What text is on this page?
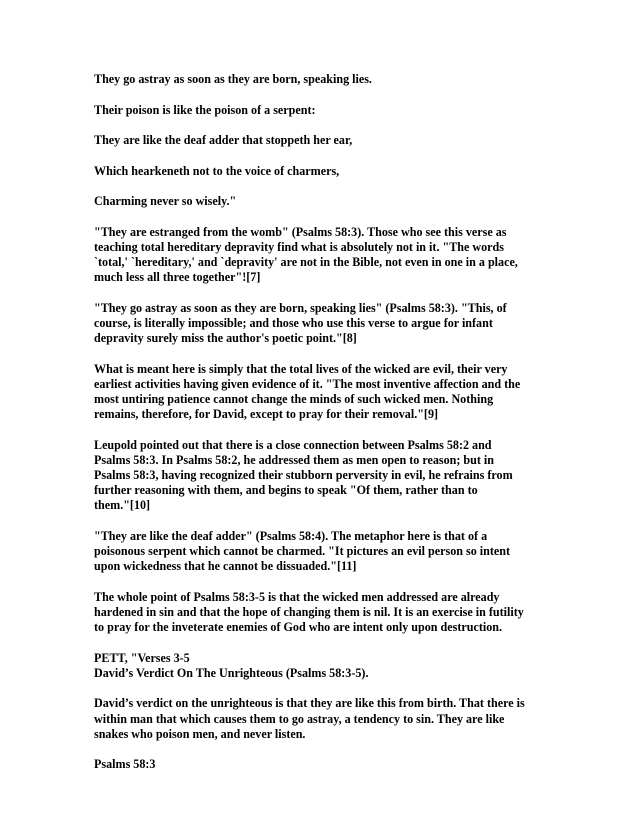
They go astray as soon as they are born, speaking lies.
Their poison is like the poison of a serpent:
They are like the deaf adder that stoppeth her ear,
Which hearkeneth not to the voice of charmers,
Charming never so wisely."
"They are estranged from the womb" (Psalms 58:3). Those who see this verse as
teaching total hereditary depravity find what is absolutely not in it. "The words
`total,' `hereditary,' and `depravity' are not in the Bible, not even in one in a place,
much less all three together"![7]
"They go astray as soon as they are born, speaking lies" (Psalms 58:3). "This, of
course, is literally impossible; and those who use this verse to argue for infant
depravity surely miss the author's poetic point."[8]
What is meant here is simply that the total lives of the wicked are evil, their very
earliest activities having given evidence of it. "The most inventive affection and the
most untiring patience cannot change the minds of such wicked men. Nothing
remains, therefore, for David, except to pray for their removal."[9]
Leupold pointed out that there is a close connection between Psalms 58:2 and
Psalms 58:3. In Psalms 58:2, he addressed them as men open to reason; but in
Psalms 58:3, having recognized their stubborn perversity in evil, he refrains from
further reasoning with them, and begins to speak "Of them, rather than to
them."[10]
"They are like the deaf adder" (Psalms 58:4). The metaphor here is that of a
poisonous serpent which cannot be charmed. "It pictures an evil person so intent
upon wickedness that he cannot be dissuaded."[11]
The whole point of Psalms 58:3-5 is that the wicked men addressed are already
hardened in sin and that the hope of changing them is nil. It is an exercise in futility
to pray for the inveterate enemies of God who are intent only upon destruction.
PETT, "Verses 3-5
David’s Verdict On The Unrighteous (Psalms 58:3-5).
David’s verdict on the unrighteous is that they are like this from birth. That there is
within man that which causes them to go astray, a tendency to sin. They are like
snakes who poison men, and never listen.
Psalms 58:3
